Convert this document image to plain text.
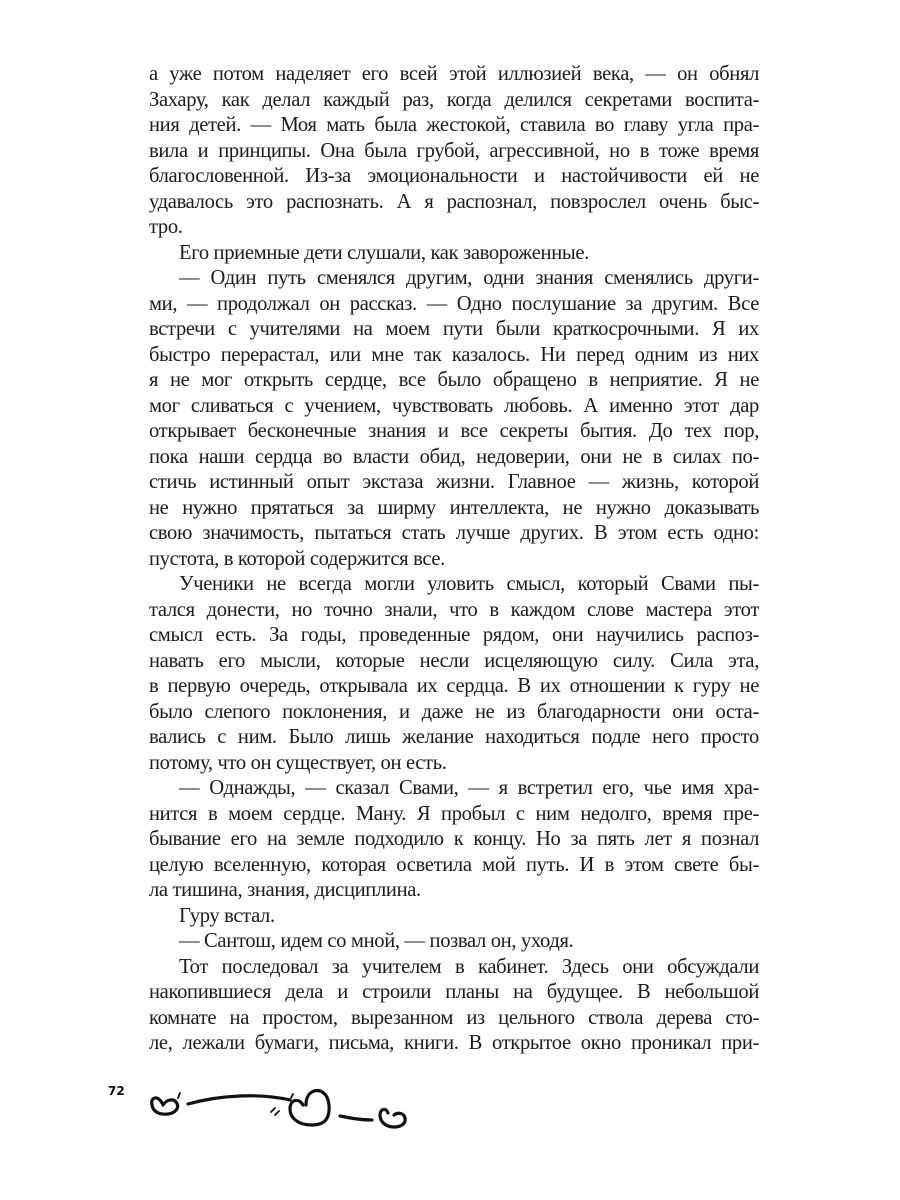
а уже потом наделяет его всей этой иллюзией века, — он обнял
Захару, как делал каждый раз, когда делился секретами воспита-
ния детей. — Моя мать была жестокой, ставила во главу угла пра-
вила и принципы. Она была грубой, агрессивной, но в тоже время
благословенной. Из-за эмоциональности и настойчивости ей не
удавалось это распознать. А я распознал, повзрослел очень быс-
тро.
Его приемные дети слушали, как завороженные.
— Один путь сменялся другим, одни знания сменялись други-
ми, — продолжал он рассказ. — Одно послушание за другим. Все
встречи с учителями на моем пути были краткосрочными. Я их
быстро перерастал, или мне так казалось. Ни перед одним из них
я не мог открыть сердце, все было обращено в неприятие. Я не
мог сливаться с учением, чувствовать любовь. А именно этот дар
открывает бесконечные знания и все секреты бытия. До тех пор,
пока наши сердца во власти обид, недоверии, они не в силах по-
стичь истинный опыт экстаза жизни. Главное — жизнь, которой
не нужно прятаться за ширму интеллекта, не нужно доказывать
свою значимость, пытаться стать лучше других. В этом есть одно:
пустота, в которой содержится все.
Ученики не всегда могли уловить смысл, который Свами пы-
тался донести, но точно знали, что в каждом слове мастера этот
смысл есть. За годы, проведенные рядом, они научились распоз-
навать его мысли, которые несли исцеляющую силу. Сила эта,
в первую очередь, открывала их сердца. В их отношении к гуру не
было слепого поклонения, и даже не из благодарности они оста-
вались с ним. Было лишь желание находиться подле него просто
потому, что он существует, он есть.
— Однажды, — сказал Свами, — я встретил его, чье имя хра-
нится в моем сердце. Ману. Я пробыл с ним недолго, время пре-
бывание его на земле подходило к концу. Но за пять лет я познал
целую вселенную, которая осветила мой путь. И в этом свете бы-
ла тишина, знания, дисциплина.
Гуру встал.
— Сантош, идем со мной, — позвал он, уходя.
Тот последовал за учителем в кабинет. Здесь они обсуждали
накопившиеся дела и строили планы на будущее. В небольшой
комнате на простом, вырезанном из цельного ствола дерева сто-
ле, лежали бумаги, письма, книги. В открытое окно проникал при-
72
